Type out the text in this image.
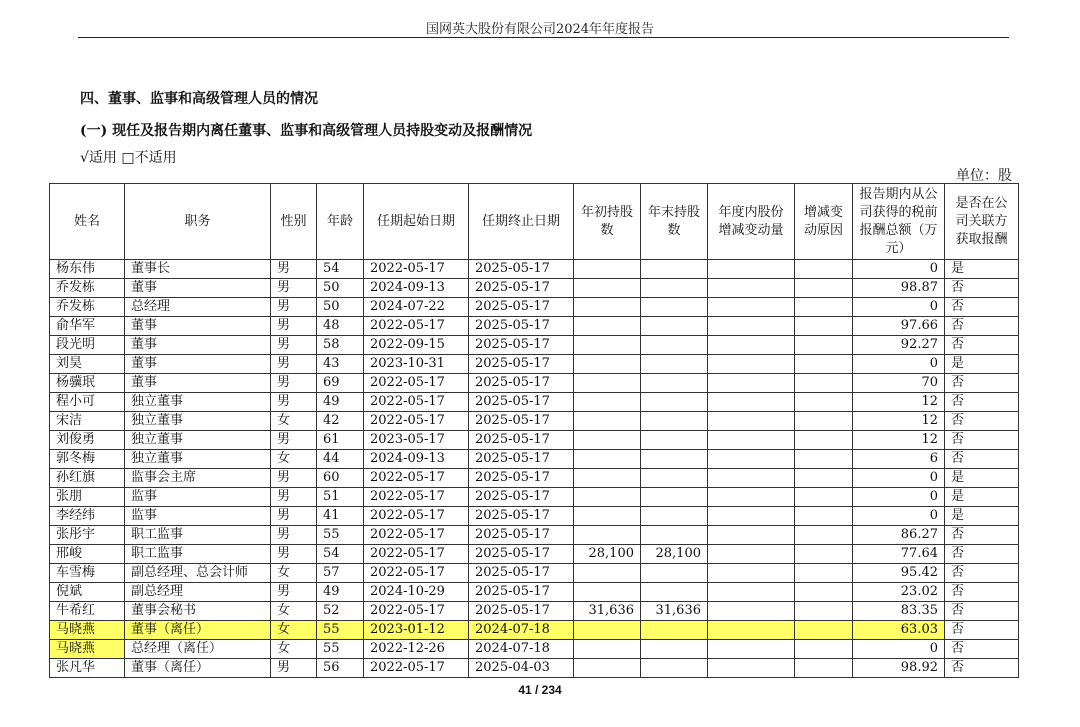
国网英大股份有限公司2024年年度报告
四、董事、监事和高级管理人员的情况
(一) 现任及报告期内离任董事、监事和高级管理人员持股变动及报酬情况
√适用 □不适用
单位：股
姓名	职务	性别	年龄	任期起始日期	任期终止日期	年初持股数	年末持股数	年度内股份增减变动量	增减变动原因	报告期内从公司获得的税前报酬总额（万元）	是否在公司关联方获取报酬
杨东伟	董事长	男	54	2022-05-17	2025-05-17					0	是
乔发栋	董事	男	50	2024-09-13	2025-05-17					98.87	否
乔发栋	总经理	男	50	2024-07-22	2025-05-17					0	否
俞华军	董事	男	48	2022-05-17	2025-05-17					97.66	否
段光明	董事	男	58	2022-09-15	2025-05-17					92.27	否
刘昊	董事	男	43	2023-10-31	2025-05-17					0	是
杨骥珉	董事	男	69	2022-05-17	2025-05-17					70	否
程小可	独立董事	男	49	2022-05-17	2025-05-17					12	否
宋洁	独立董事	女	42	2022-05-17	2025-05-17					12	否
刘俊勇	独立董事	男	61	2023-05-17	2025-05-17					12	否
郭冬梅	独立董事	女	44	2024-09-13	2025-05-17					6	否
孙红旗	监事会主席	男	60	2022-05-17	2025-05-17					0	是
张朋	监事	男	51	2022-05-17	2025-05-17					0	是
李经纬	监事	男	41	2022-05-17	2025-05-17					0	是
张彤宇	职工监事	男	55	2022-05-17	2025-05-17					86.27	否
邢峻	职工监事	男	54	2022-05-17	2025-05-17	28,100	28,100			77.64	否
车雪梅	副总经理、总会计师	女	57	2022-05-17	2025-05-17					95.42	否
倪斌	副总经理	男	49	2024-10-29	2025-05-17					23.02	否
牛希红	董事会秘书	女	52	2022-05-17	2025-05-17	31,636	31,636			83.35	否
马晓燕	董事（离任）	女	55	2023-01-12	2024-07-18					63.03	否
马晓燕	总经理（离任）	女	55	2022-12-26	2024-07-18					0	否
张凡华	董事（离任）	男	56	2022-05-17	2025-04-03					98.92	否
41 / 234
